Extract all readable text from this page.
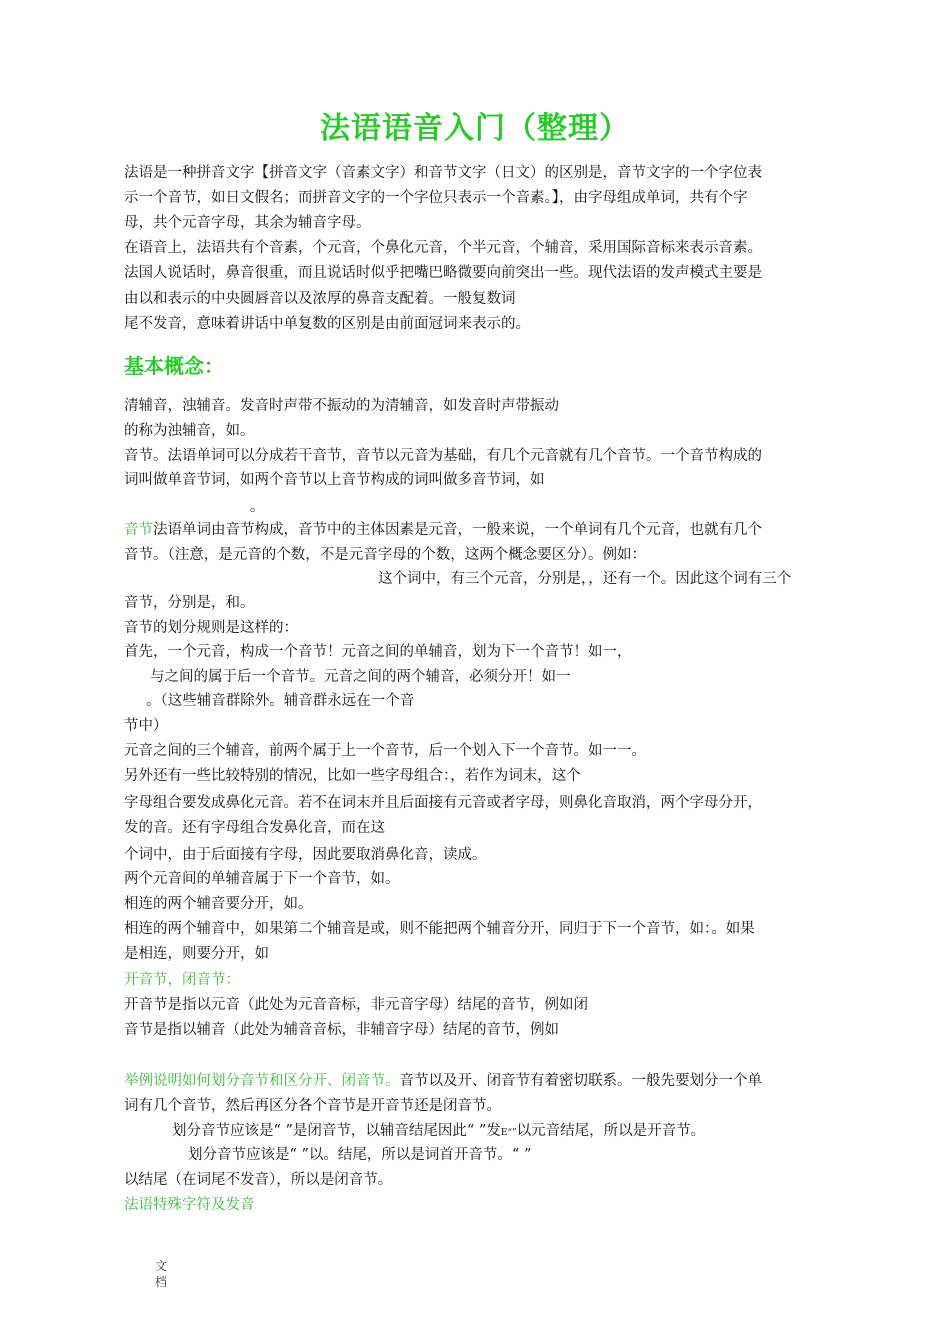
法语语音入门（整理）
法语是一种拼音文字【拼音文字（音素文字）和音节文字（日文）的区别是，音节文字的一个字位表
示一个音节，如日文假名；而拼音文字的一个字位只表示一个音素。】，由字母组成单词，共有个字
母，共个元音字母，其余为辅音字母。
在语音上，法语共有个音素，个元音，个鼻化元音，个半元音，个辅音，采用国际音标来表示音素。
法国人说话时，鼻音很重，而且说话时似乎把嘴巴略微要向前突出一些。现代法语的发声模式主要是
由以和表示的中央圆唇音以及浓厚的鼻音支配着。一般复数词
尾不发音，意味着讲话中单复数的区别是由前面冠词来表示的。
基本概念：
清辅音，浊辅音。发音时声带不振动的为清辅音，如发音时声带振动
的称为浊辅音，如。
音节。法语单词可以分成若干音节，音节以元音为基础，有几个元音就有几个音节。一个音节构成的
词叫做单音节词，如两个音节以上音节构成的词叫做多音节词，如
。
音节法语单词由音节构成，音节中的主体因素是元音，一般来说，一个单词有几个元音，也就有几个
音节。（注意，是元音的个数，不是元音字母的个数，这两个概念要区分）。例如：
这个词中，有三个元音，分别是，，还有一个。因此这个词有三个
音节，分别是，和。
音节的划分规则是这样的：
首先，一个元音，构成一个音节！元音之间的单辅音，划为下一个音节！如一，
与之间的属于后一个音节。元音之间的两个辅音，必须分开！如一
。（这些辅音群除外。辅音群永远在一个音
节中）
元音之间的三个辅音，前两个属于上一个音节，后一个划入下一个音节。如一一。
另外还有一些比较特别的情况，比如一些字母组合：，若作为词末，这个
字母组合要发成鼻化元音。若不在词末并且后面接有元音或者字母，则鼻化音取消，两个字母分开，
发的音。还有字母组合发鼻化音，而在这
个词中，由于后面接有字母，因此要取消鼻化音，读成。
两个元音间的单辅音属于下一个音节，如。
相连的两个辅音要分开，如。
相连的两个辅音中，如果第二个辅音是或，则不能把两个辅音分开，同归于下一个音节，如：。如果
是相连，则要分开，如
开音节，闭音节：
开音节是指以元音（此处为元音音标，非元音字母）结尾的音节，例如闭
音节是指以辅音（此处为辅音音标，非辅音字母）结尾的音节，例如
举例说明如何划分音节和区分开、闭音节。音节以及开、闭音节有着密切联系。一般先要划分一个单
词有几个音节，然后再区分各个音节是开音节还是闭音节。
划分音节应该是“ ”是闭音节，以辅音结尾因此“ ”发E“”以元音结尾，所以是开音节。
划分音节应该是“ ”以。结尾，所以是词首开音节。“ ”
以结尾（在词尾不发音），所以是闭音节。
法语特殊字符及发音
文档
